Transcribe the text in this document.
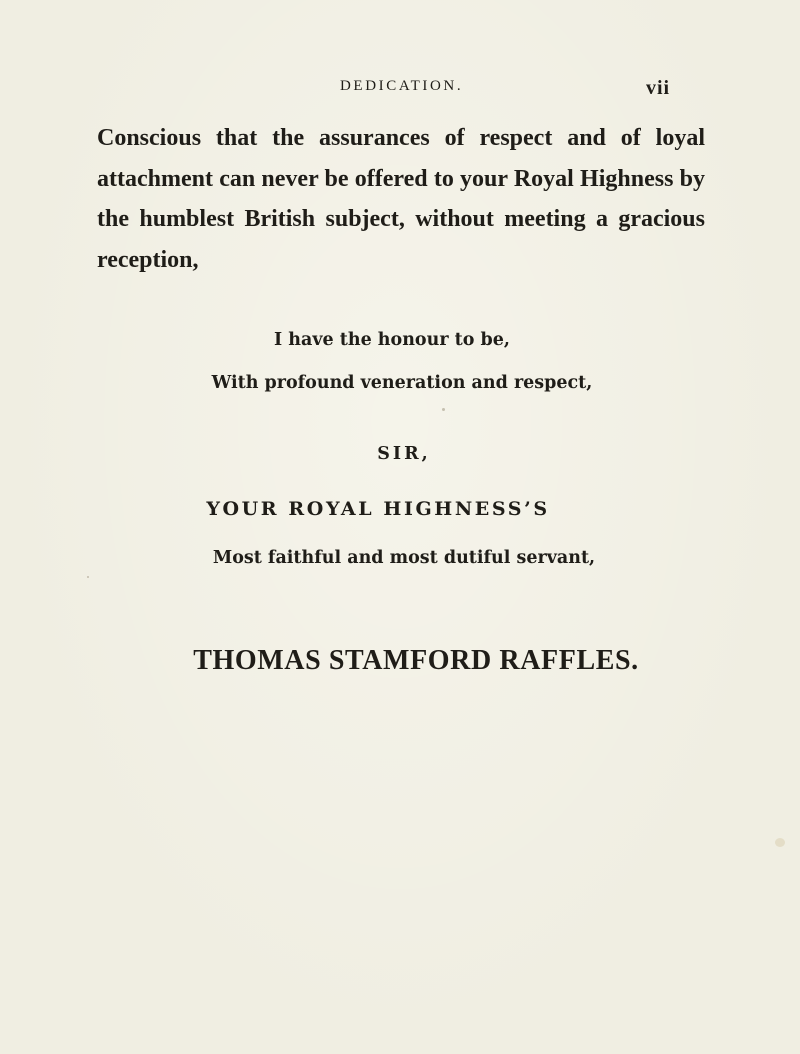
DEDICATION.	vii

Conscious that the assurances of respect and of loyal attachment can never be offered to your Royal Highness by the humblest British subject, without meeting a gracious reception,

I have the honour to be,
With profound veneration and respect,
SIR,
YOUR ROYAL HIGHNESS’S
Most faithful and most dutiful servant,
THOMAS STAMFORD RAFFLES.
